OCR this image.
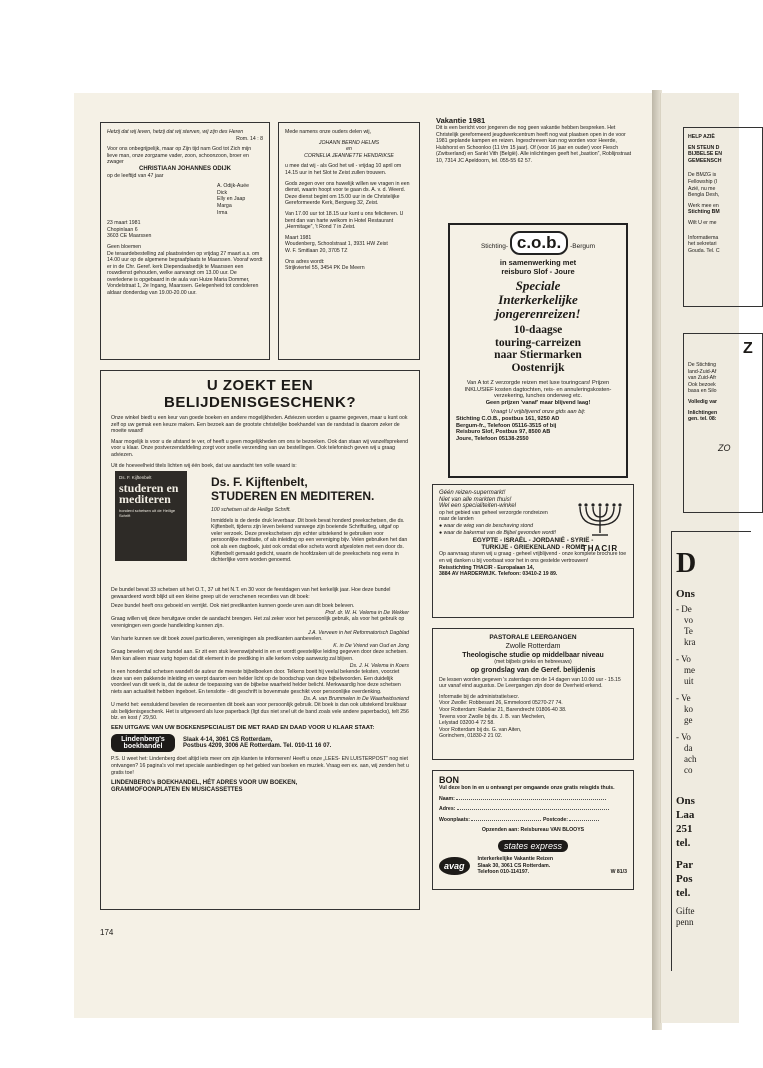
HELP AZIË

EN STEUN D

BIJBELSE EN

GEMEENSCH

De BMZG is

Fellowship (I

Azië, nu me

Bengla Desh,

Werk mee en

Stichting BM

Wilt U er me

Informatiema

het sekretari

Gouda. Tel. C

Z

De Stichting

land-Zuid-Af

van Zuid-Afr

Ook bezoek

basa en Silo

Volledig var

Inlichtingen

gen. tel. 08:

ZO

D

Ons

- De
vo
Te
kra
- Vo
me
uit
- Ve
ko
ge
- Vo
da
ach
co
Ons
Laa
251
tel.
Par
Pos
tel.
Gifte
penn

Hetzij dat wij leven, hetzij dat wij sterven, wij zijn des Heren

Rom. 14 : 8

Voor ons onbegrijpelijk, maar op Zijn tijd nam God tot Zich mijn lieve man, onze zorgzame vader, zoon, schoonzoon, broer en zwager

CHRISTIAAN JOHANNES ODIJK

op de leeftijd van 47 jaar

A. Odijk-Auée

Dick

Elly en Jaap

Marga

Irma

23 maart 1981

Chopinlaan 6

3603 CE Maarssen

Geen bloemen

De teraardebestelling zal plaatsvinden op vrijdag 27 maart a.s. om 14.00 uur op de algemene begraafplaats te Maarssen. Vooraf wordt er in de Chr. Geref. kerk Diependaalsedijk te Maarssen een rouwdienst gehouden, welke aanvangt om 13.00 uur. De overledene is opgebaard in de aula van Huize Maria Dommer, Vondelstraat 1, 2e Ingang, Maarssen. Gelegenheid tot condoleren aldaar donderdag van 19.00-20.00 uur.

Mede namens onze ouders delen wij,

JOHANN BERND HELMS

en

CORNELIA JEANNETTE HENDRIKSE

u mee dat wij - als God het wil - vrijdag 10 april om 14.15 uur in het Slot te Zeist zullen trouwen.

Gods zegen over ons huwelijk willen we vragen in een dienst, waarin hoopt voor te gaan ds. A. v. d. Weerd. Deze dienst begint om 15.00 uur in de Christelijke Gereformeerde Kerk, Bergweg 32, Zeist.

Van 17.00 uur tot 18.15 uur kunt u ons feliciteren. U bent dan van harte welkom in Hotel Restaurant „Hermitage”, 't Rond 7 in Zeist.

Maart 1981

Woudenberg, Schoolstraat 1, 3931 HW Zeist

W. F. Smitlaan 20, 3705 TZ

Ons adres wordt:

Strijkviertel 55, 3454 PK De Meern

Vakantie 1981

Dit is een bericht voor jongeren die nog geen vakantie hebben bespreken. Het Christelijk gereformeerd jeugdwerkcentrum heeft nog wat plaatsen open in de voor 1981 geplande kampen en reizen. Ingeschreven kan nog worden voor Heerde, Hulshorst en Schoonloo (11 t/m 15 jaar). Of (voor 16 jaar en ouder) voor Fiesch (Zwitserland) en Sankt Vith (België). Alle inlichtingen geeft het „bastion”, Roblijnstraat 10, 7314 JC Apeldoorn, tel. 055-55 62 57.

Stichting- c.o.b. -Bergum

in samenwerking met

reisburo Slof - Joure

Speciale
Interkerkelijke
jongerenreizen!
10-daagse
touring-carreizen
naar Stiermarken
Oostenrijk

Van A tot Z verzorgde reizen met luxe touringcars! Prijzen INKLUSIEF kosten dagtochten, reis- en annuleringskosten-verzekering, lunches onderweg etc.

Geen prijzen 'vanaf' maar blijvend laag!

Vraagt U vrijblijvend onze gids aan bij:

Stichting C.O.B., postbus 161, 9250 AD

Bergum-fr., Telefoon 05116-3515 of bij

Reisburo Slof, Postbus 97, 8500 AB

Joure, Telefoon 05138-2550

THACIR

Géén reizen-supermarkt!

Niet van alle markten thuis!

Wel een specialiteiten-winkel

op het gebied van geheel verzorgde rondreizen naar de landen

● waar de wieg van de beschaving stond

● waar de bakermat van de Bijbel gevonden wordt!

EGYPTE - ISRAËL - JORDANIË - SYRIË -

TURKIJE - GRIEKENLAND - ROME

Op aanvraag sturen wij u graag - geheel vrijblijvend - onze komplete brochure toe en wij danken u bij voorbaat voor het in ons gestelde vertrouwen!

Reisstichting THACIR - Europalaan 14,

3884 AV HARDERWIJK. Telefoon: 03410-2 19 89.

PASTORALE LEERGANGEN

Zwolle Rotterdam

Theologische studie op middelbaar niveau

(met bijbels grieks en hebreeuws)

op grondslag van de Geref. belijdenis

De lessen worden gegeven 's zaterdags om de 14 dagen van 10.00 uur - 15.15 uur vanaf eind augustus. De Leergangen zijn door de Overheid erkend.

Informatie bij de administratie/secr.

Voor Zwolle: Robbesant 26, Emmeloord 05270-27 74.

Voor Rotterdam: Rateliar 21, Barendrecht 01806-40 38.

Tevens voor Zwolle bij ds. J. B. van Mechelen,

Lelystad 03200-4 72 58.

Voor Rotterdam bij ds. G. van Aiten,

Gorinchem, 01830-2 21 02.

BON

Vul deze bon in en u ontvangt per omgaande onze gratis reisgids thuis.

Naam:

Adres:

Woonplaats:	Postcode:

Opzenden aan: Reisbureau VAN BLOOYS

states express
avag

Interkerkelijke Vakantie Reizen

Slaak 30, 3061 CS Rotterdam.

Telefoon 010-114197.	W 81/3

U ZOEKT EEN BELIJDENISGESCHENK?

Onze winkel biedt u een keur van goede boeken en andere mogelijkheden. Adviezen worden u gaarne gegeven, maar u kunt ook zelf op uw gemak een keuze maken. Een bezoek aan de grootste christelijke boekhandel van de randstad is daarom zeker de moeite waard!

Maar mogelijk is voor u de afstand te ver, of heeft u geen mogelijkheden om ons te bezoeken. Ook dan staan wij vanzelfsprekend voor u klaar. Onze postverzendafdeling zorgt voor snelle verzending van uw bestellingen. Ook telefonisch geven wij u graag adviezen.

Uit de hoeveelheid titels lichten wij één boek, dat uw aandacht ten volle waard is:

Ds. F. Kijftenbelt
studeren en mediteren
honderd schetsen uit de Heilige Schrift

Ds. F. Kijftenbelt,

STUDEREN EN MEDITEREN.

100 schetsen uit de Heilige Schrift.

Inmiddels is de derde druk leverbaar. Dit boek bevat honderd preekschetsen, die ds. Kijftenbelt, tijdens zijn leven bekend vanwege zijn boeiende Schriftuitleg, uitgaf op veler verzoek. Deze preekschetsen zijn echter uitstekend te gebruiken voor persoonlijke meditatie, of als inleiding op een vereniging bijv. Velen gebruiken het dan ook als een dagboek, juist ook omdat elke schets wordt afgesloten met een door ds. Kijftenbelt gemaakt gedicht, waarin de hoofdzaken uit de preekschets nog eens in dichterlijke vorm worden genoemd.

De bundel bevat 33 schetsen uit het O.T., 37 uit het N.T. en 30 voor de feestdagen van het kerkelijk jaar. Hoe deze bundel gewaardeerd wordt blijkt uit een kleine greep uit de verschenen recenties van dit boek:

Deze bundel heeft ons geboeid en verrijkt. Ook niet predikanten kunnen goede uren aan dit boek beleven.

Prof. dr. W. H. Velema in De Wekker

Graag willen wij deze heruitgave onder de aandacht brengen. Het zal zeker voor het persoonlijk gebruik, als voor het gebruik op verenigingen een goede handleiding kunnen zijn.

J.A. Verveen in het Reformatorisch Dagblad

Van harte kunnen we dit boek zowel particulieren, verenigingen als predikanten aanbevelen.

K. in De Vriend van Oud en Jong

Graag bevelen wij deze bundel aan. Er zit een stuk levenswijsheid in en er wordt geestelijke leiding gegeven door deze schetsen. Men kan alleen maar vurig hopen dat dit element in de prediking in alle kerken volop aanwezig zal blijven.

Ds. J. H. Velema in Koers

In een honderdtal schetsen wandelt de auteur de meeste bijbelboeken door. Telkens boeit hij veelal bekende teksten, voorziet deze van een pakkende inleiding en werpt daarom een helder licht op de boodschap van deze bijbelwoorden. Een duidelijk voordeel van dit werk is, dat de auteur de toepassing van de bijbelse waarheid helder belicht. Merkwaardig hoe deze schetsen niets aan actualiteit hebben ingeboet. En tenslotte - dit geschrift is bovenmate geschikt voor persoonlijke overdenking.

Ds. A. van Brummelen in De Waarheidsvriend

U merkt het: eensluidend bevelen de recensenten dit boek aan voor persoonlijk gebruik. Dit boek is dan ook uitstekend bruikbaar als belijdenisgeschenk. Het is uitgevoerd als luxe paperback (ligt dus niet snel uit de band zoals vele andere paperbacks), telt 256 blz. en kost ƒ 29,50.

EEN UITGAVE VAN UW BOEKENSPECIALIST DIE MET RAAD EN DAAD VOOR U KLAAR STAAT:

Lindenberg's boekhandel

Slaak 4-14, 3061 CS Rotterdam,

Postbus 4209, 3006 AE Rotterdam. Tel. 010-11 16 07.

P.S. U weet het: Lindenberg doet altijd iets meer om zijn klanten te informeren! Heeft u onze „LEES- EN LUISTERPOST” nog niet ontvangen? 16 pagina's vol met speciale aanbiedingen op het gebied van boeken en muziek. Vraag een ex. aan, wij zenden het u gratis toe!

LINDENBERG's BOEKHANDEL, HÉT ADRES VOOR UW BOEKEN,

GRAMMOFOONPLATEN EN MUSICASSETTES

174
